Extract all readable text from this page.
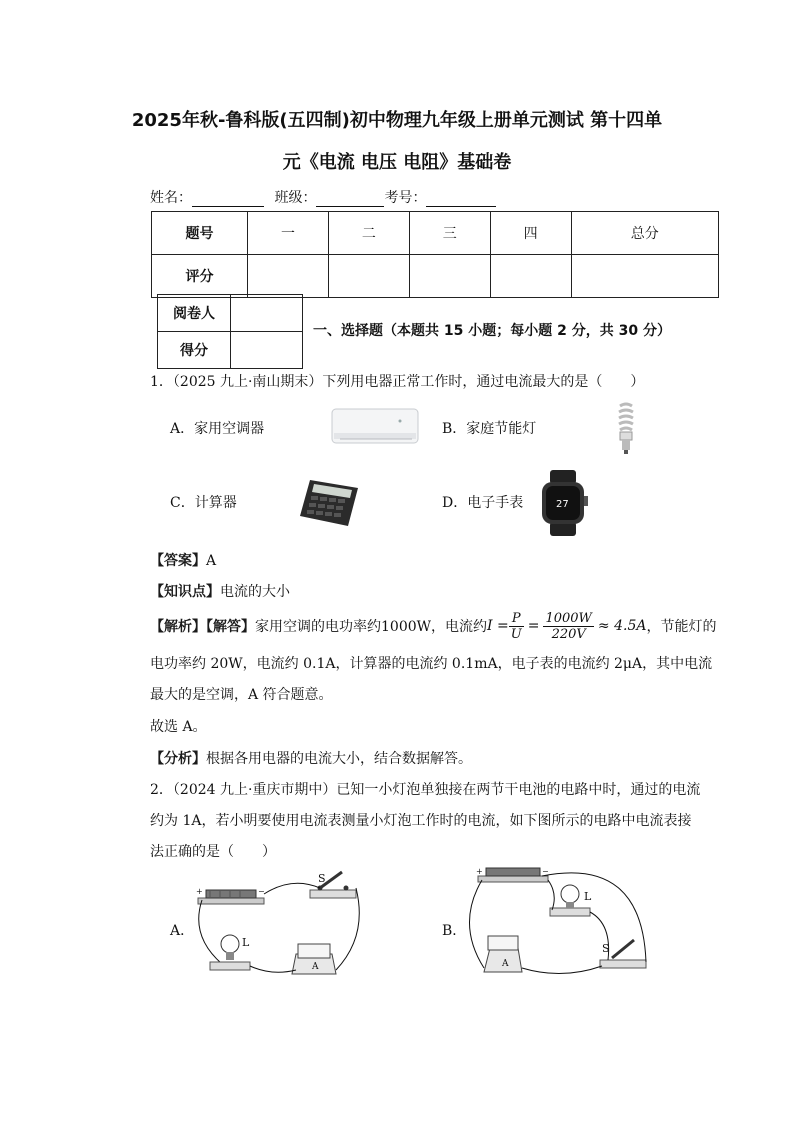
2025年秋-鲁科版(五四制)初中物理九年级上册单元测试 第十四单
元《电流 电压 电阻》基础卷
姓名：	班级：	考号：
题号	一	二	三	四	总分
评分					
阅卷人	
得分	
一、选择题（本题共 15 小题；每小题 2 分，共 30 分）
1．（2025 九上·南山期末）下列用电器正常工作时，通过电流最大的是（　　）
A．家用空调器	B．家庭节能灯
C．计算器	D．电子手表	27
【答案】A
【知识点】电流的大小
【解析】【解答】 家用空调的电功率约1000W，电流约 $I = \frac{P}{U} = \frac{1000W}{220V} \approx 4.5A$ ，节能灯的
电功率约 20W，电流约 0.1A，计算器的电流约 0.1mA，电子表的电流约 2μA，其中电流
最大的是空调，A 符合题意。
故选 A。
【分析】根据各用电器的电流大小，结合数据解答。
2．（2024 九上·重庆市期中）已知一小灯泡单独接在两节干电池的电路中时，通过的电流
约为 1A，若小明要使用电流表测量小灯泡工作时的电流，如下图所示的电路中电流表接
法正确的是（　　）
A．
+	−
S
L
A
B．
+	−
L
S
A
